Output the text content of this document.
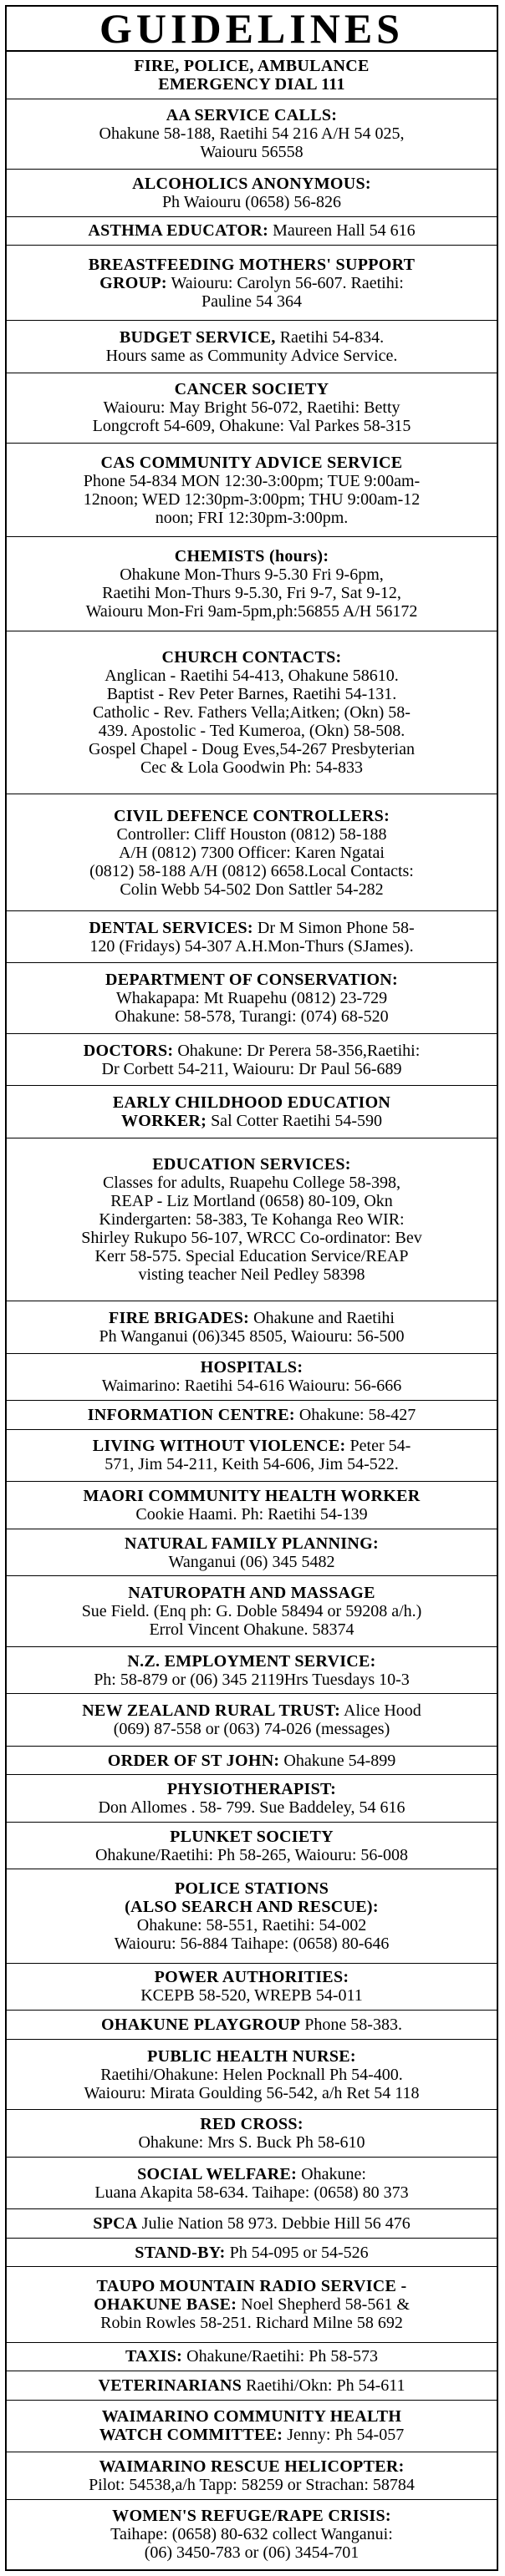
GUIDELINES
FIRE, POLICE, AMBULANCE
EMERGENCY DIAL 111
AA SERVICE CALLS:
Ohakune 58-188, Raetihi 54 216 A/H 54 025,
Waiouru 56558
ALCOHOLICS ANONYMOUS:
Ph Waiouru (0658) 56-826
ASTHMA EDUCATOR: Maureen Hall 54 616
BREASTFEEDING MOTHERS' SUPPORT
GROUP: Waiouru: Carolyn 56-607. Raetihi:
Pauline 54 364
BUDGET SERVICE, Raetihi 54-834.
Hours same as Community Advice Service.
CANCER SOCIETY
Waiouru: May Bright 56-072, Raetihi: Betty
Longcroft 54-609, Ohakune: Val Parkes 58-315
CAS COMMUNITY ADVICE SERVICE
Phone 54-834 MON 12:30-3:00pm; TUE 9:00am-
12noon; WED 12:30pm-3:00pm; THU 9:00am-12
noon; FRI 12:30pm-3:00pm.
CHEMISTS (hours):
Ohakune Mon-Thurs 9-5.30 Fri 9-6pm,
Raetihi Mon-Thurs 9-5.30, Fri 9-7, Sat 9-12,
Waiouru Mon-Fri 9am-5pm,ph:56855 A/H 56172
CHURCH CONTACTS:
Anglican - Raetihi 54-413, Ohakune 58610.
Baptist - Rev Peter Barnes, Raetihi 54-131.
Catholic - Rev. Fathers Vella;Aitken; (Okn) 58-
439. Apostolic - Ted Kumeroa, (Okn) 58-508.
Gospel Chapel - Doug Eves,54-267 Presbyterian
Cec & Lola Goodwin Ph: 54-833
CIVIL DEFENCE CONTROLLERS:
Controller: Cliff Houston (0812) 58-188
A/H (0812) 7300 Officer: Karen Ngatai
(0812) 58-188 A/H (0812) 6658.Local Contacts:
Colin Webb 54-502 Don Sattler 54-282
DENTAL SERVICES: Dr M Simon Phone 58-
120 (Fridays) 54-307 A.H.Mon-Thurs (SJames).
DEPARTMENT OF CONSERVATION:
Whakapapa: Mt Ruapehu (0812) 23-729
Ohakune: 58-578, Turangi: (074) 68-520
DOCTORS: Ohakune: Dr Perera 58-356,Raetihi:
Dr Corbett 54-211, Waiouru: Dr Paul 56-689
EARLY CHILDHOOD EDUCATION
WORKER; Sal Cotter Raetihi 54-590
EDUCATION SERVICES:
Classes for adults, Ruapehu College 58-398,
REAP - Liz Mortland (0658) 80-109, Okn
Kindergarten: 58-383, Te Kohanga Reo WIR:
Shirley Rukupo 56-107, WRCC Co-ordinator: Bev
Kerr 58-575. Special Education Service/REAP
visting teacher Neil Pedley 58398
FIRE BRIGADES: Ohakune and Raetihi
Ph Wanganui (06)345 8505, Waiouru: 56-500
HOSPITALS:
Waimarino: Raetihi 54-616 Waiouru: 56-666
INFORMATION CENTRE: Ohakune: 58-427
LIVING WITHOUT VIOLENCE: Peter 54-
571, Jim 54-211, Keith 54-606, Jim 54-522.
MAORI COMMUNITY HEALTH WORKER
Cookie Haami. Ph: Raetihi 54-139
NATURAL FAMILY PLANNING:
Wanganui (06) 345 5482
NATUROPATH AND MASSAGE
Sue Field. (Enq ph: G. Doble 58494 or 59208 a/h.)
Errol Vincent Ohakune. 58374
N.Z. EMPLOYMENT SERVICE:
Ph: 58-879 or (06) 345 2119Hrs Tuesdays 10-3
NEW ZEALAND RURAL TRUST: Alice Hood
(069) 87-558 or (063) 74-026 (messages)
ORDER OF ST JOHN: Ohakune 54-899
PHYSIOTHERAPIST:
Don Allomes . 58- 799. Sue Baddeley, 54 616
PLUNKET SOCIETY
Ohakune/Raetihi: Ph 58-265, Waiouru: 56-008
POLICE STATIONS
(ALSO SEARCH AND RESCUE):
Ohakune: 58-551, Raetihi: 54-002
Waiouru: 56-884 Taihape: (0658) 80-646
POWER AUTHORITIES:
KCEPB 58-520, WREPB 54-011
OHAKUNE PLAYGROUP Phone 58-383.
PUBLIC HEALTH NURSE:
Raetihi/Ohakune: Helen Pocknall Ph 54-400.
Waiouru: Mirata Goulding 56-542, a/h Ret 54 118
RED CROSS:
Ohakune: Mrs S. Buck Ph 58-610
SOCIAL WELFARE: Ohakune:
Luana Akapita 58-634. Taihape: (0658) 80 373
SPCA Julie Nation 58 973. Debbie Hill 56 476
STAND-BY: Ph 54-095 or 54-526
TAUPO MOUNTAIN RADIO SERVICE -
OHAKUNE BASE: Noel Shepherd 58-561 &
Robin Rowles 58-251. Richard Milne 58 692
TAXIS: Ohakune/Raetihi: Ph 58-573
VETERINARIANS Raetihi/Okn: Ph 54-611
WAIMARINO COMMUNITY HEALTH
WATCH COMMITTEE: Jenny: Ph 54-057
WAIMARINO RESCUE HELICOPTER:
Pilot: 54538,a/h Tapp: 58259 or Strachan: 58784
WOMEN'S REFUGE/RAPE CRISIS:
Taihape: (0658) 80-632 collect Wanganui:
(06) 3450-783 or (06) 3454-701
